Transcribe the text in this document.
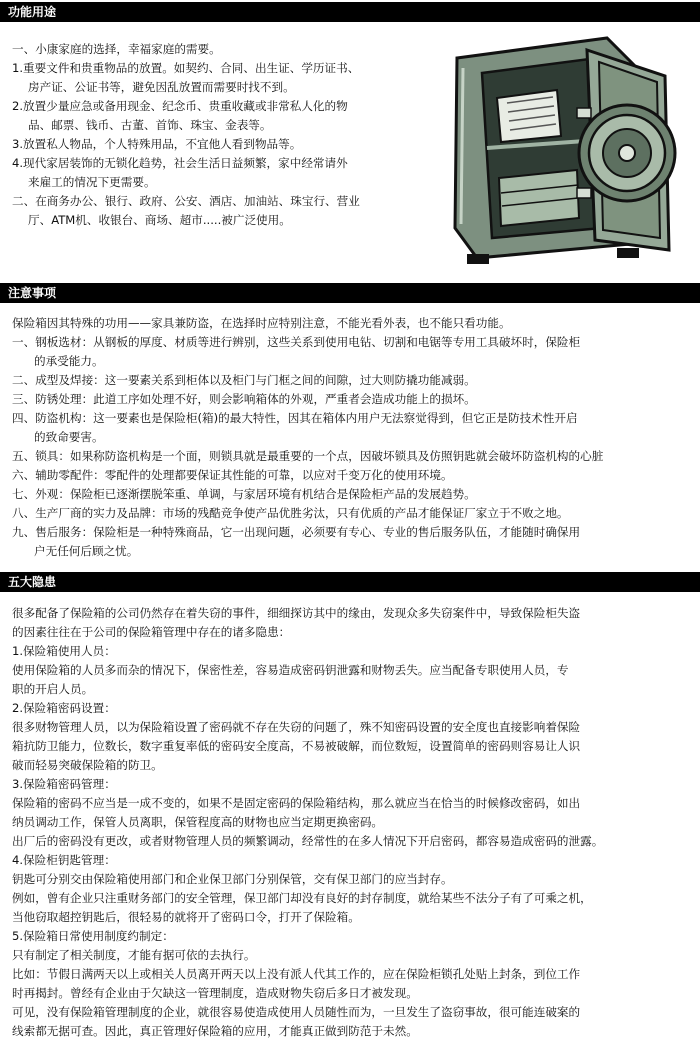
功能用途
一、小康家庭的选择，幸福家庭的需要。
1.重要文件和贵重物品的放置。如契约、合同、出生证、学历证书、
房产证、公证书等，避免因乱放置而需要时找不到。
2.放置少量应急或备用现金、纪念币、贵重收藏或非常私人化的物
品、邮票、钱币、古董、首饰、珠宝、金表等。
3.放置私人物品，个人特殊用品，不宜他人看到物品等。
4.现代家居装饰的无锁化趋势，社会生活日益频繁，家中经常请外
来雇工的情况下更需要。
二、在商务办公、银行、政府、公安、酒店、加油站、珠宝行、营业
厅、ATM机、收银台、商场、超市.....被广泛使用。
注意事项
保险箱因其特殊的功用——家具兼防盗，在选择时应特别注意，不能光看外表，也不能只看功能。
一、钢板选材：从钢板的厚度、材质等进行辨别，这些关系到使用电钻、切割和电锯等专用工具破坏时，保险柜
的承受能力。
二、成型及焊接：这一要素关系到柜体以及柜门与门框之间的间隙，过大则防撬功能减弱。
三、防锈处理：此道工序如处理不好，则会影响箱体的外观，严重者会造成功能上的损坏。
四、防盗机构：这一要素也是保险柜(箱)的最大特性，因其在箱体内用户无法察觉得到，但它正是防技术性开启
的致命要害。
五、锁具：如果称防盗机构是一个面，则锁具就是最重要的一个点，因破坏锁具及仿照钥匙就会破坏防盗机构的心脏
六、辅助零配件：零配件的处理都要保证其性能的可靠，以应对千变万化的使用环境。
七、外观：保险柜已逐渐摆脱笨重、单调，与家居环境有机结合是保险柜产品的发展趋势。
八、生产厂商的实力及品牌：市场的残酷竞争使产品优胜劣汰，只有优质的产品才能保证厂家立于不败之地。
九、售后服务：保险柜是一种特殊商品，它一出现问题，必须要有专心、专业的售后服务队伍，才能随时确保用
户无任何后顾之忧。
五大隐患
很多配备了保险箱的公司仍然存在着失窃的事件，细细探访其中的缘由，发现众多失窃案件中，导致保险柜失盗
的因素往往在于公司的保险箱管理中存在的诸多隐患：
1.保险箱使用人员：
使用保险箱的人员多而杂的情况下，保密性差，容易造成密码钥泄露和财物丢失。应当配备专职使用人员，专
职的开启人员。
2.保险箱密码设置：
很多财物管理人员，以为保险箱设置了密码就不存在失窃的问题了，殊不知密码设置的安全度也直接影响着保险
箱抗防卫能力，位数长，数字重复率低的密码安全度高，不易被破解，而位数短，设置简单的密码则容易让人识
破而轻易突破保险箱的防卫。
3.保险箱密码管理：
保险箱的密码不应当是一成不变的，如果不是固定密码的保险箱结构，那么就应当在恰当的时候修改密码，如出
纳员调动工作，保管人员离职，保管程度高的财物也应当定期更换密码。
出厂后的密码没有更改，或者财物管理人员的频繁调动，经常性的在多人情况下开启密码，都容易造成密码的泄露。
4.保险柜钥匙管理：
钥匙可分别交由保险箱使用部门和企业保卫部门分别保管，交有保卫部门的应当封存。
例如，曾有企业只注重财务部门的安全管理，保卫部门却没有良好的封存制度，就给某些不法分子有了可乘之机，
当他窃取超控钥匙后，很轻易的就将开了密码口令，打开了保险箱。
5.保险箱日常使用制度约制定：
只有制定了相关制度，才能有据可依的去执行。
比如：节假日满两天以上或相关人员离开两天以上没有派人代其工作的，应在保险柜锁孔处贴上封条，到位工作
时再揭封。曾经有企业由于欠缺这一管理制度，造成财物失窃后多日才被发现。
可见，没有保险箱管理制度的企业，就很容易使造成使用人员随性而为，一旦发生了盗窃事故，很可能连破案的
线索都无据可查。因此，真正管理好保险箱的应用，才能真正做到防范于未然。
